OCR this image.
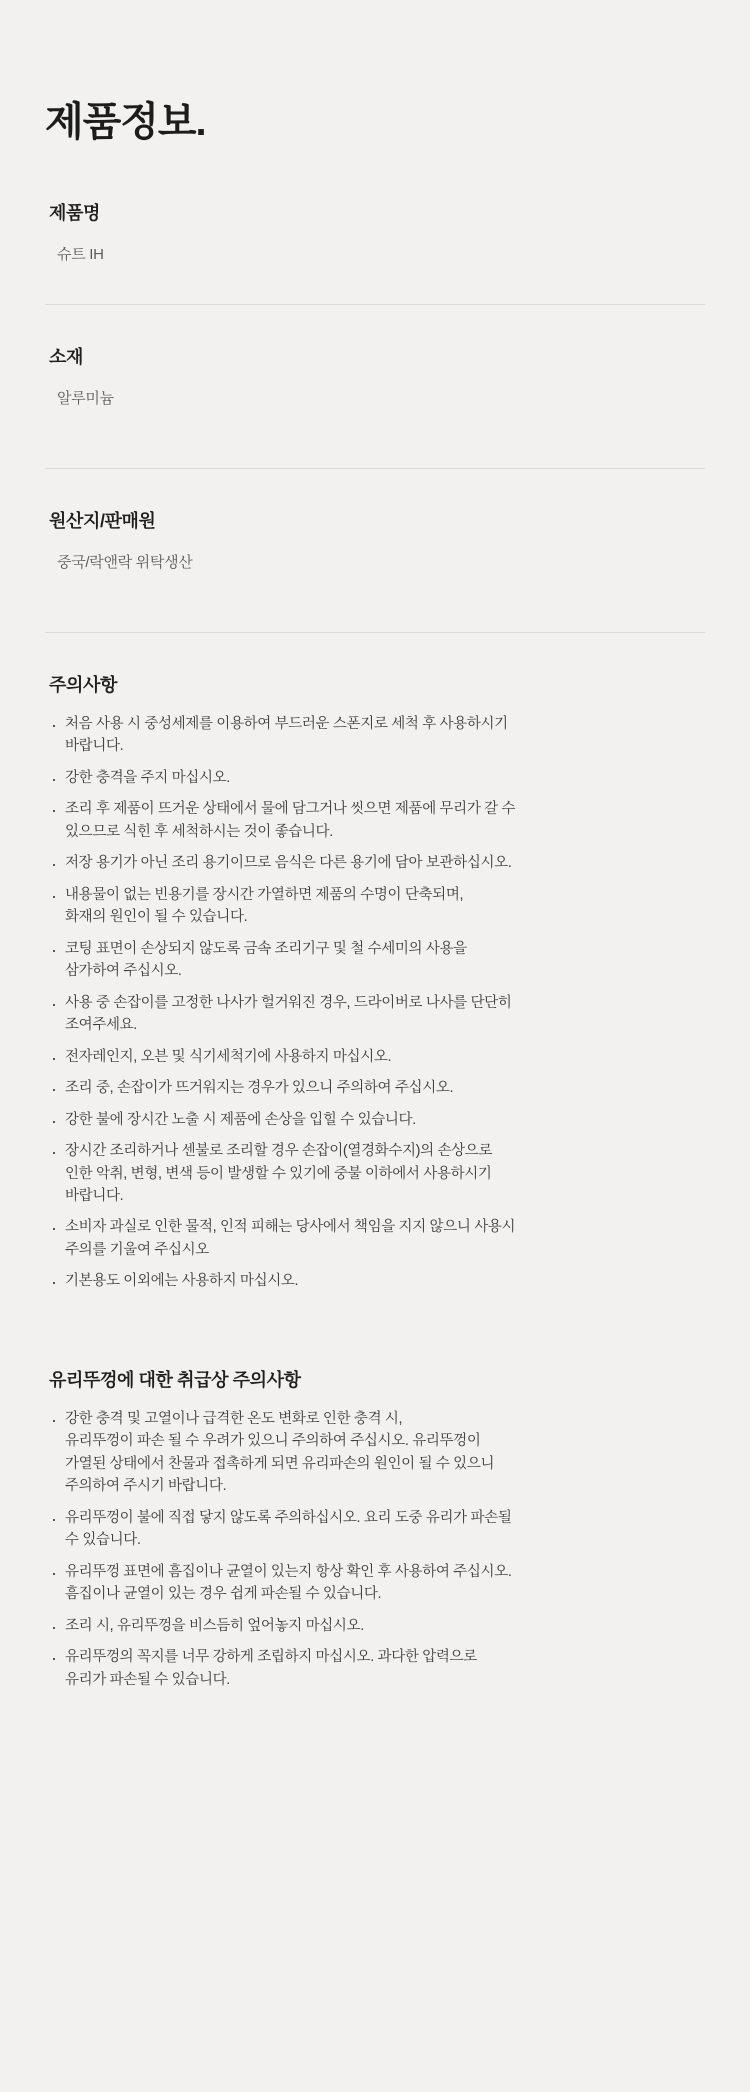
제품정보.
제품명
슈트 IH
소재
알루미늄
원산지/판매원
중국/락앤락 위탁생산
주의사항
· 처음 사용 시 중성세제를 이용하여 부드러운 스폰지로 세척 후 사용하시기
바랍니다.
· 강한 충격을 주지 마십시오.
· 조리 후 제품이 뜨거운 상태에서 물에 담그거나 씻으면 제품에 무리가 갈 수
있으므로 식힌 후 세척하시는 것이 좋습니다.
· 저장 용기가 아닌 조리 용기이므로 음식은 다른 용기에 담아 보관하십시오.
· 내용물이 없는 빈용기를 장시간 가열하면 제품의 수명이 단축되며,
화재의 원인이 될 수 있습니다.
· 코팅 표면이 손상되지 않도록 금속 조리기구 및 철 수세미의 사용을
삼가하여 주십시오.
· 사용 중 손잡이를 고정한 나사가 헐거워진 경우, 드라이버로 나사를 단단히
조여주세요.
· 전자레인지, 오븐 및 식기세척기에 사용하지 마십시오.
· 조리 중, 손잡이가 뜨거워지는 경우가 있으니 주의하여 주십시오.
· 강한 불에 장시간 노출 시 제품에 손상을 입힐 수 있습니다.
· 장시간 조리하거나 센불로 조리할 경우 손잡이(열경화수지)의 손상으로
인한 악취, 변형, 변색 등이 발생할 수 있기에 중불 이하에서 사용하시기
바랍니다.
· 소비자 과실로 인한 물적, 인적 피해는 당사에서 책임을 지지 않으니 사용시
주의를 기울여 주십시오
· 기본용도 이외에는 사용하지 마십시오.
유리뚜껑에 대한 취급상 주의사항
· 강한 충격 및 고열이나 급격한 온도 변화로 인한 충격 시,
유리뚜껑이 파손 될 수 우려가 있으니 주의하여 주십시오. 유리뚜껑이
가열된 상태에서 찬물과 접촉하게 되면 유리파손의 원인이 될 수 있으니
주의하여 주시기 바랍니다.
· 유리뚜껑이 불에 직접 닿지 않도록 주의하십시오. 요리 도중 유리가 파손될
수 있습니다.
· 유리뚜껑 표면에 흠집이나 균열이 있는지 항상 확인 후 사용하여 주십시오.
흠집이나 균열이 있는 경우 쉽게 파손될 수 있습니다.
· 조리 시, 유리뚜껑을 비스듬히 엎어놓지 마십시오.
· 유리뚜껑의 꼭지를 너무 강하게 조립하지 마십시오. 과다한 압력으로
유리가 파손될 수 있습니다.
